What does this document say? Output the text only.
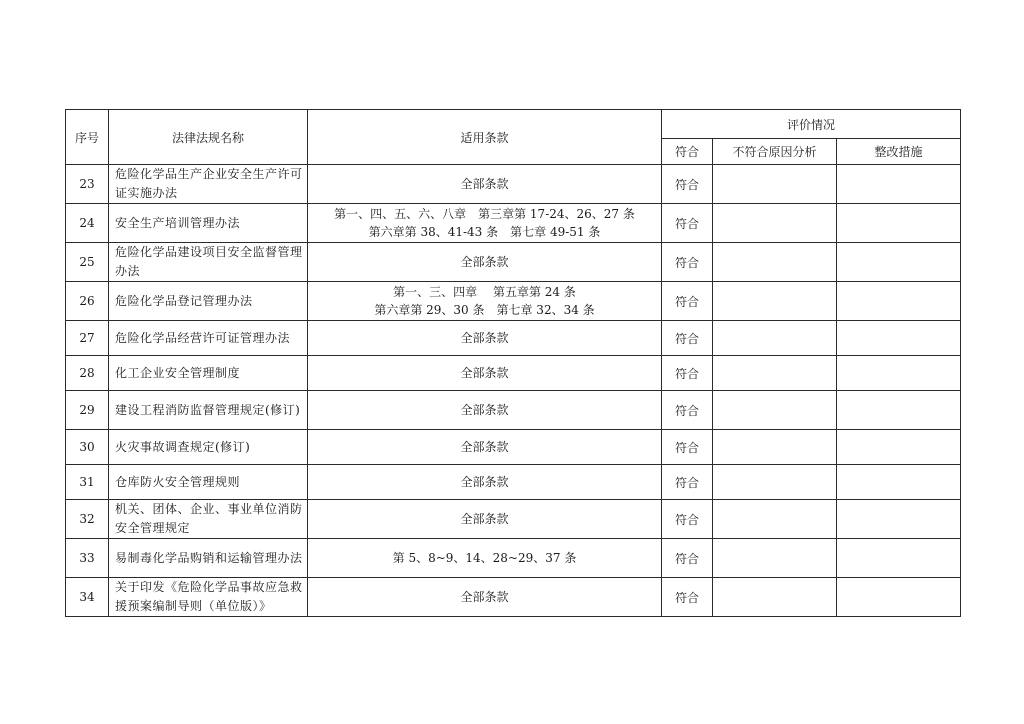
序号	法律法规名称	适用条款	评价情况		
			符合	不符合原因分析	整改措施
23	危险化学品生产企业安全生产许可证实施办法	全部条款	符合		
24	安全生产培训管理办法	第一、四、五、六、八章　第三章第 17-24、26、27 条
第六章第 38、41-43 条　第七章 49-51 条	符合		
25	危险化学品建设项目安全监督管理办法	全部条款	符合		
26	危险化学品登记管理办法	第一、三、四章　 第五章第 24 条
第六章第 29、30 条　第七章 32、34 条	符合		
27	危险化学品经营许可证管理办法	全部条款	符合		
28	化工企业安全管理制度	全部条款	符合		
29	建设工程消防监督管理规定(修订)	全部条款	符合		
30	火灾事故调查规定(修订)	全部条款	符合		
31	仓库防火安全管理规则	全部条款	符合		
32	机关、团体、企业、事业单位消防安全管理规定	全部条款	符合		
33	易制毒化学品购销和运输管理办法	第 5、8~9、14、28~29、37 条	符合		
34	关于印发《危险化学品事故应急救援预案编制导则（单位版）》	全部条款	符合		
